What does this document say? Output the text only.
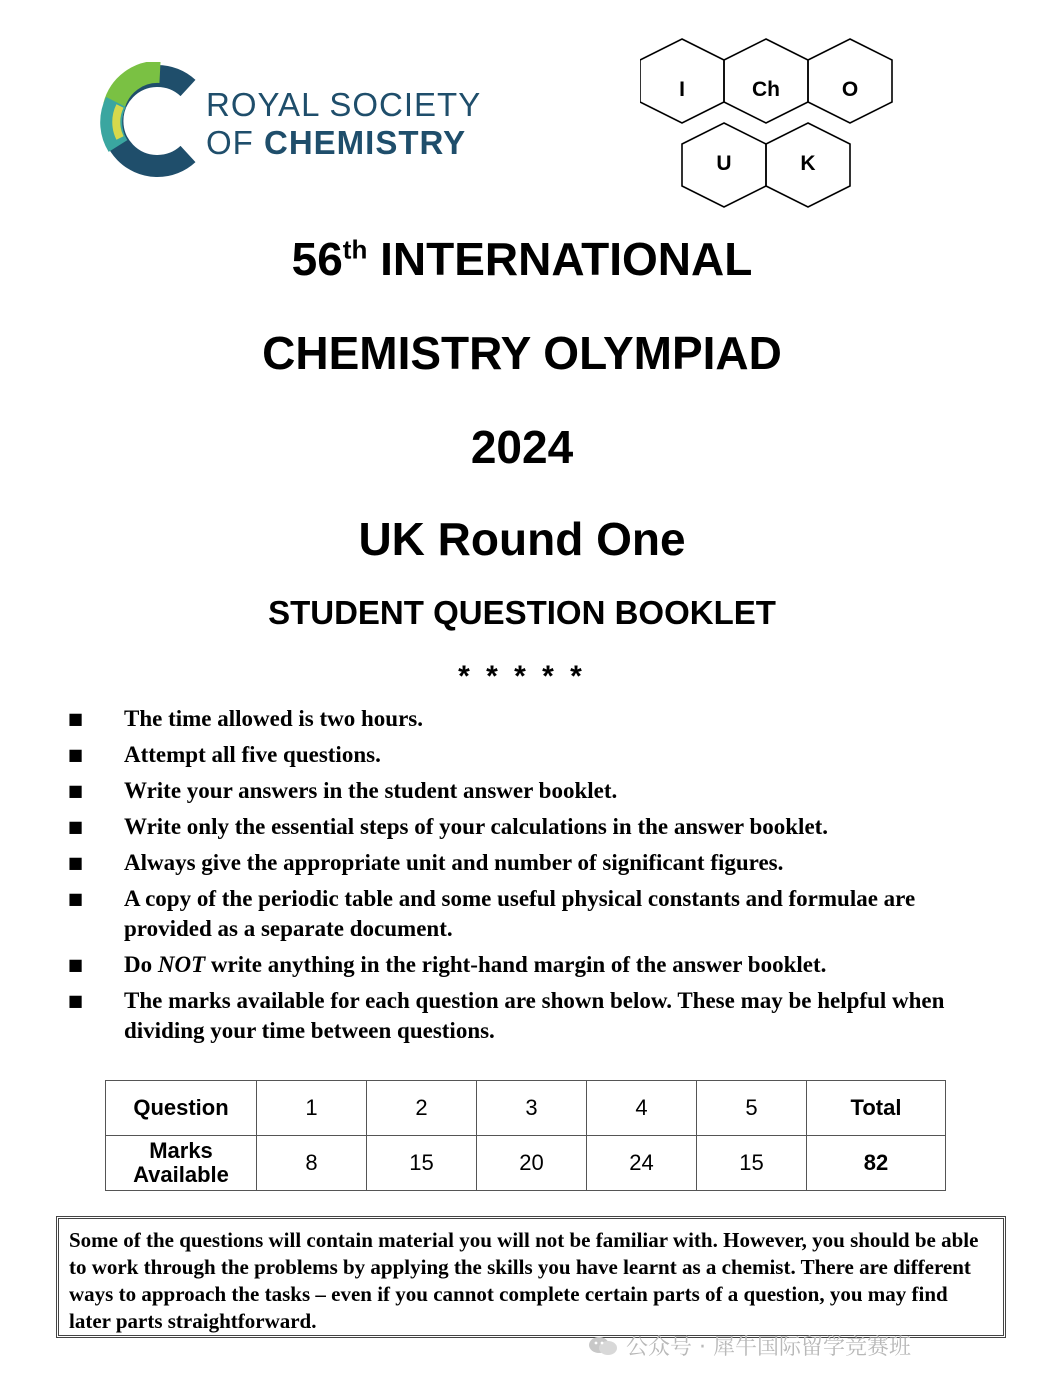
ROYAL SOCIETY
OF CHEMISTRY
I	Ch	O
U	K
56th INTERNATIONAL
CHEMISTRY OLYMPIAD
2024
UK Round One
STUDENT QUESTION BOOKLET
* * * * *
■	The time allowed is two hours.
■	Attempt all five questions.
■	Write your answers in the student answer booklet.
■	Write only the essential steps of your calculations in the answer booklet.
■	Always give the appropriate unit and number of significant figures.
■	A copy of the periodic table and some useful physical constants and formulae are provided as a separate document.
■	Do NOT write anything in the right-hand margin of the answer booklet.
■	The marks available for each question are shown below. These may be helpful when dividing your time between questions.
Question	1	2	3	4	5	Total

Marks
Available	8	15	20	24	15	82
Some of the questions will contain material you will not be familiar with. However, you should be able to work through the problems by applying the skills you have learnt as a chemist. There are different ways to approach the tasks – even if you cannot complete certain parts of a question, you may find later parts straightforward.
公众号 · 犀牛国际留学竞赛班
